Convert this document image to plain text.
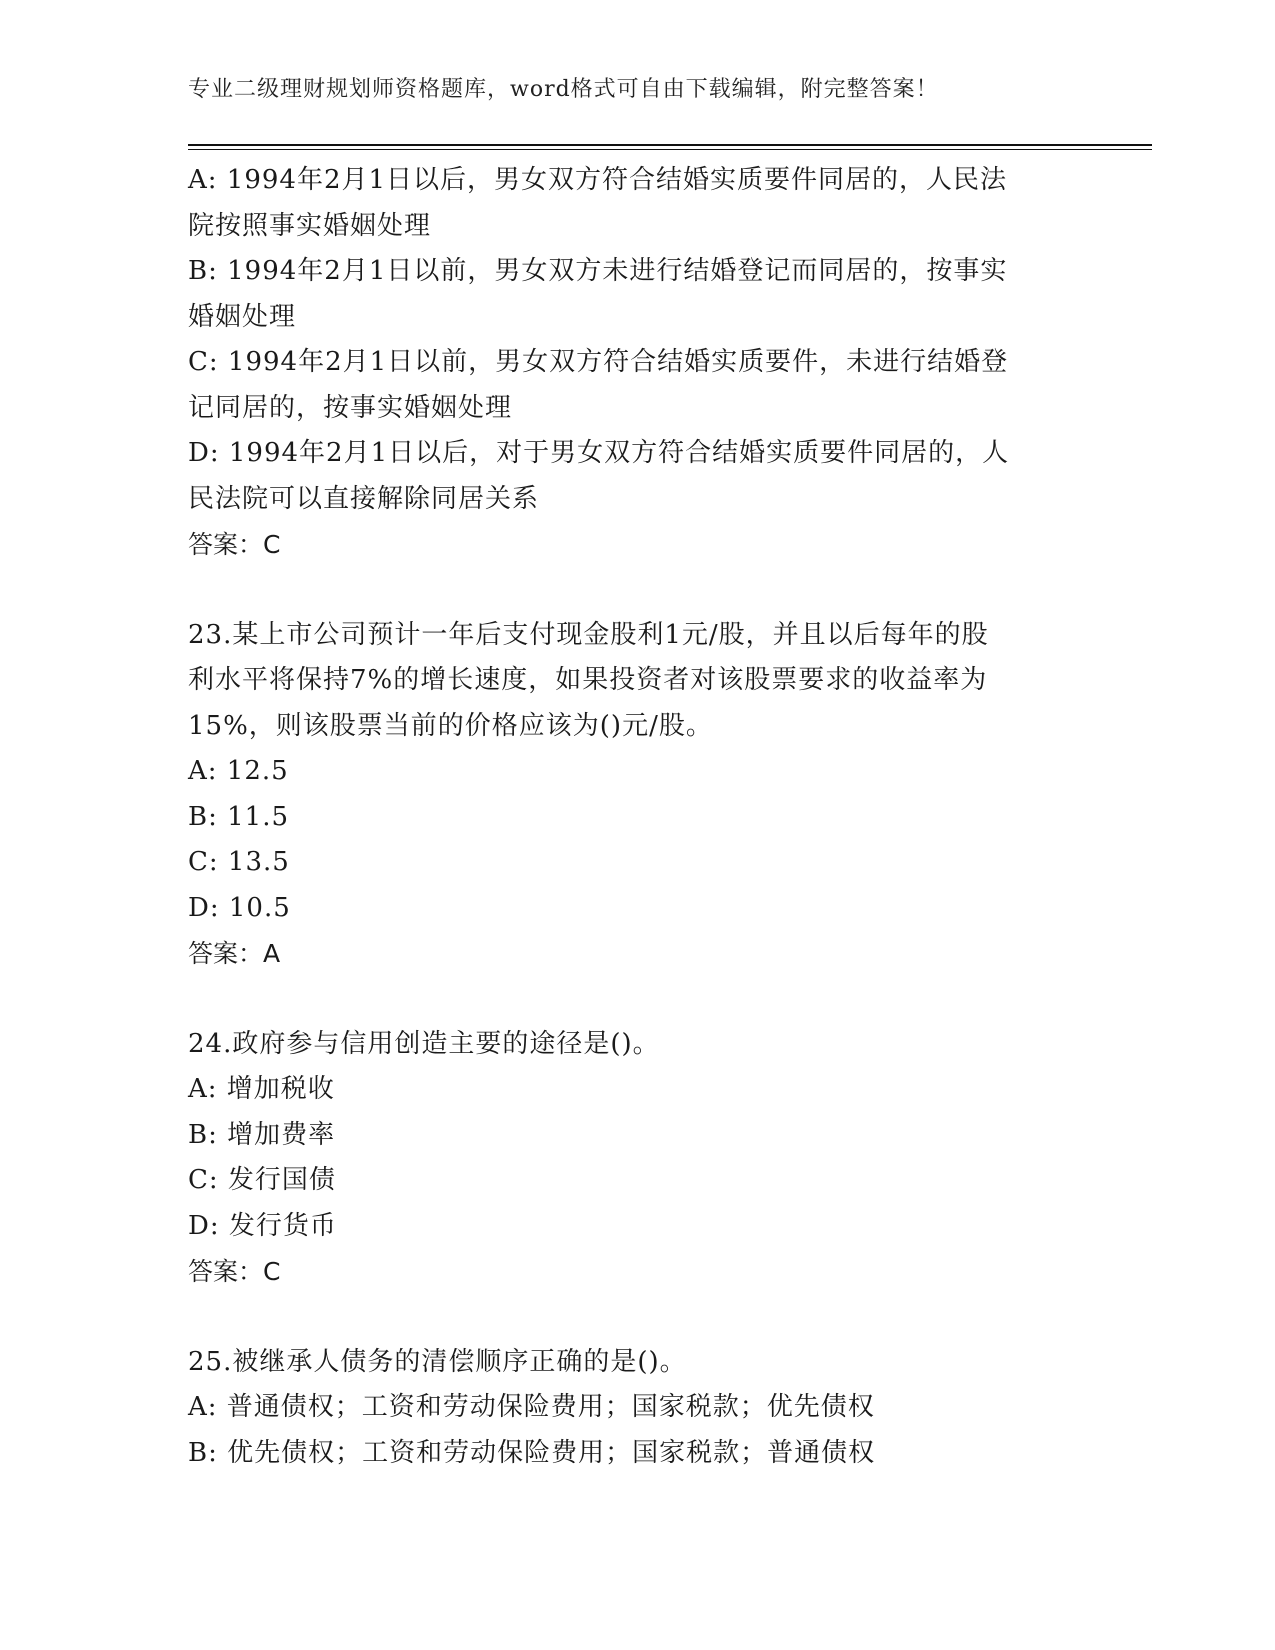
专业二级理财规划师资格题库，word格式可自由下载编辑，附完整答案！
A: 1994年2月1日以后，男女双方符合结婚实质要件同居的，人民法
院按照事实婚姻处理
B: 1994年2月1日以前，男女双方未进行结婚登记而同居的，按事实
婚姻处理
C: 1994年2月1日以前，男女双方符合结婚实质要件，未进行结婚登
记同居的，按事实婚姻处理
D: 1994年2月1日以后，对于男女双方符合结婚实质要件同居的，人
民法院可以直接解除同居关系
答案：C
23.某上市公司预计一年后支付现金股利1元/股，并且以后每年的股
利水平将保持7%的增长速度，如果投资者对该股票要求的收益率为
15%，则该股票当前的价格应该为()元/股。
A: 12.5
B: 11.5
C: 13.5
D: 10.5
答案：A
24.政府参与信用创造主要的途径是()。
A: 增加税收
B: 增加费率
C: 发行国债
D: 发行货币
答案：C
25.被继承人债务的清偿顺序正确的是()。
A: 普通债权；工资和劳动保险费用；国家税款；优先债权
B: 优先债权；工资和劳动保险费用；国家税款；普通债权
